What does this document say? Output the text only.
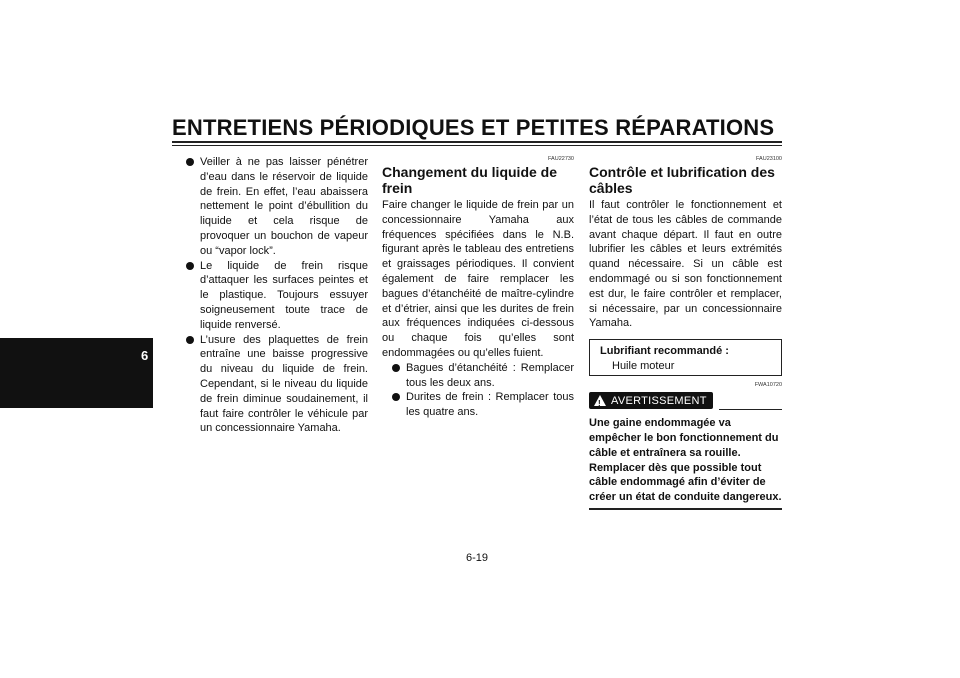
ENTRETIENS PÉRIODIQUES ET PETITES RÉPARATIONS
6

Veiller à ne pas laisser pénétrer d’eau dans le réservoir de liquide de frein. En effet, l’eau abaissera nettement le point d’ébullition du liquide et cela risque de provoquer un bouchon de vapeur ou “vapor lock”.

Le liquide de frein risque d’attaquer les surfaces peintes et le plastique. Toujours essuyer soigneusement toute trace de liquide renversé.

L’usure des plaquettes de frein entraîne une baisse progressive du niveau du liquide de frein. Cependant, si le niveau du liquide de frein diminue soudainement, il faut faire contrôler le véhicule par un concessionnaire Yamaha.

FAU22730
Changement du liquide de frein

Faire changer le liquide de frein par un concessionnaire Yamaha aux fréquences spécifiées dans le N.B. figurant après le tableau des entretiens et graissages périodiques. Il convient également de faire remplacer les bagues d’étanchéité de maître-cylindre et d’étrier, ainsi que les durites de frein aux fréquences indiquées ci-dessous ou chaque fois qu’elles sont endommagées ou qu’elles fuient.

Bagues d’étanchéité : Remplacer tous les deux ans.

Durites de frein : Remplacer tous les quatre ans.

FAU23100
Contrôle et lubrification des câbles

Il faut contrôler le fonctionnement et l’état de tous les câbles de commande avant chaque départ. Il faut en outre lubrifier les câbles et leurs extrémités quand nécessaire. Si un câble est endommagé ou si son fonctionnement est dur, le faire contrôler et remplacer, si nécessaire, par un concessionnaire Yamaha.

Lubrifiant recommandé :
Huile moteur
FWA10720
! AVERTISSEMENT
Une gaine endommagée va empêcher le bon fonctionnement du câble et entraînera sa rouille. Remplacer dès que possible tout câble endommagé afin d’éviter de créer un état de conduite dangereux.
6-19
